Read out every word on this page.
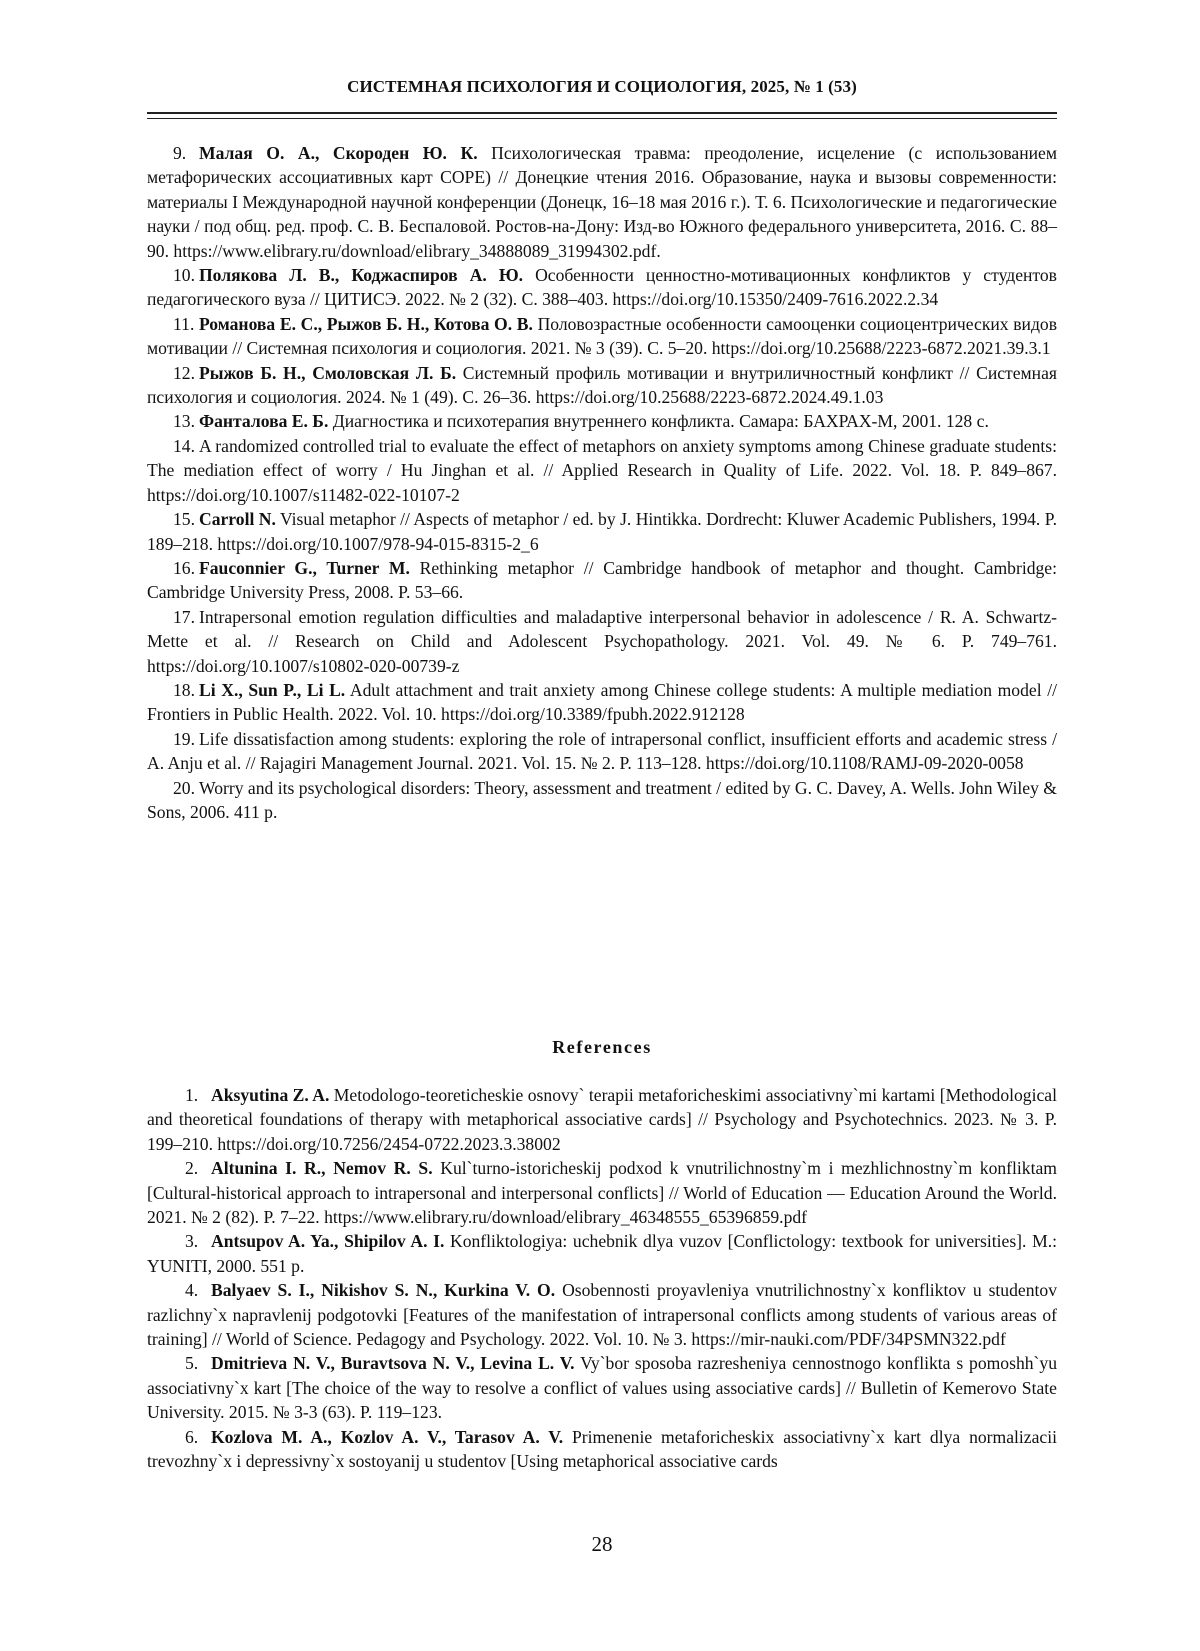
СИСТЕМНАЯ ПСИХОЛОГИЯ И СОЦИОЛОГИЯ, 2025, № 1 (53)

9. Малая О. А., Скороден Ю. К. Психологическая травма: преодоление, исцеление (с использованием метафорических ассоциативных карт COPE) // Донецкие чтения 2016. Образование, наука и вызовы современности: материалы I Международной научной конференции (Донецк, 16–18 мая 2016 г.). Т. 6. Психологические и педагогические науки / под общ. ред. проф. С. В. Беспаловой. Ростов-на-Дону: Изд-во Южного федерального университета, 2016. С. 88–90. https://www.elibrary.ru/download/elibrary_34888089_31994302.pdf.

10. Полякова Л. В., Коджаспиров А. Ю. Особенности ценностно-мотивационных конфликтов у студентов педагогического вуза // ЦИТИСЭ. 2022. № 2 (32). С. 388–403. https://doi.org/10.15350/2409-7616.2022.2.34

11. Романова Е. С., Рыжов Б. Н., Котова О. В. Половозрастные особенности самооценки социоцентрических видов мотивации // Системная психология и социология. 2021. № 3 (39). С. 5–20. https://doi.org/10.25688/2223-6872.2021.39.3.1

12. Рыжов Б. Н., Смоловская Л. Б. Системный профиль мотивации и внутриличностный конфликт // Системная психология и социология. 2024. № 1 (49). С. 26–36. https://doi.org/10.25688/2223-6872.2024.49.1.03

13. Фанталова Е. Б. Диагностика и психотерапия внутреннего конфликта. Самара: БАХРАХ-М, 2001. 128 с.

14. A randomized controlled trial to evaluate the effect of metaphors on anxiety symptoms among Chinese graduate students: The mediation effect of worry / Hu Jinghan et al. // Applied Research in Quality of Life. 2022. Vol. 18. P. 849–867. https://doi.org/10.1007/s11482-022-10107-2

15. Carroll N. Visual metaphor // Aspects of metaphor / ed. by J. Hintikka. Dordrecht: Kluwer Academic Publishers, 1994. P. 189–218. https://doi.org/10.1007/978-94-015-8315-2_6

16. Fauconnier G., Turner M. Rethinking metaphor // Cambridge handbook of metaphor and thought. Cambridge: Cambridge University Press, 2008. P. 53–66.

17. Intrapersonal emotion regulation difficulties and maladaptive interpersonal behavior in adolescence / R. A. Schwartz-Mette et al. // Research on Child and Adolescent Psychopathology. 2021. Vol. 49. № 6. P. 749–761. https://doi.org/10.1007/s10802-020-00739-z

18. Li X., Sun P., Li L. Adult attachment and trait anxiety among Chinese college students: A multiple mediation model // Frontiers in Public Health. 2022. Vol. 10. https://doi.org/10.3389/fpubh.2022.912128

19. Life dissatisfaction among students: exploring the role of intrapersonal conflict, insufficient efforts and academic stress / A. Anju et al. // Rajagiri Management Journal. 2021. Vol. 15. № 2. P. 113–128. https://doi.org/10.1108/RAMJ-09-2020-0058

20. Worry and its psychological disorders: Theory, assessment and treatment / edited by G. C. Davey, A. Wells. John Wiley & Sons, 2006. 411 p.

References

1. Aksyutina Z. A. Metodologo-teoreticheskie osnovy` terapii metaforicheskimi associativny`mi kartami [Methodological and theoretical foundations of therapy with metaphorical associative cards] // Psychology and Psychotechnics. 2023. № 3. P. 199–210. https://doi.org/10.7256/2454-0722.2023.3.38002

2. Altunina I. R., Nemov R. S. Kul`turno-istoricheskij podxod k vnutrilichnostny`m i mezhlichnostny`m konfliktam [Cultural-historical approach to intrapersonal and interpersonal conflicts] // World of Education — Education Around the World. 2021. № 2 (82). P. 7–22. https://www.elibrary.ru/download/elibrary_46348555_65396859.pdf

3. Antsupov A. Ya., Shipilov A. I. Konfliktologiya: uchebnik dlya vuzov [Conflictology: textbook for universities]. M.: YUNITI, 2000. 551 p.

4. Balyaev S. I., Nikishov S. N., Kurkina V. O. Osobennosti proyavleniya vnutrilichnostny`x konfliktov u studentov razlichny`x napravlenij podgotovki [Features of the manifestation of intrapersonal conflicts among students of various areas of training] // World of Science. Pedagogy and Psychology. 2022. Vol. 10. № 3. https://mir-nauki.com/PDF/34PSMN322.pdf

5. Dmitrieva N. V., Buravtsova N. V., Levina L. V. Vy`bor sposoba razresheniya cennostnogo konflikta s pomoshh`yu associativny`x kart [The choice of the way to resolve a conflict of values using associative cards] // Bulletin of Kemerovo State University. 2015. № 3-3 (63). P. 119–123.

6. Kozlova M. A., Kozlov A. V., Tarasov A. V. Primenenie metaforicheskix associativny`x kart dlya normalizacii trevozhny`x i depressivny`x sostoyanij u studentov [Using metaphorical associative cards

28
